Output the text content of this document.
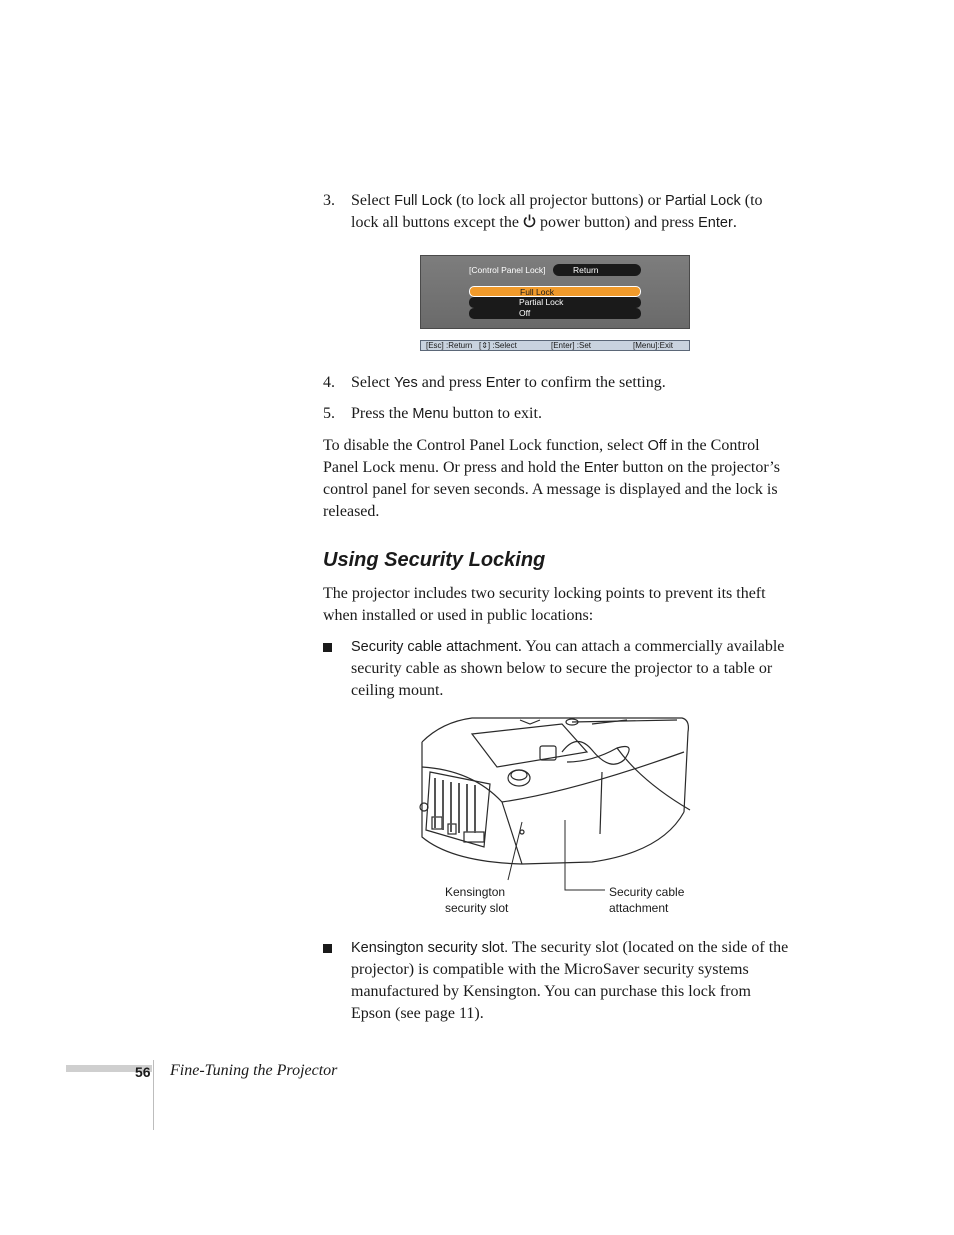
3. Select Full Lock (to lock all projector buttons) or Partial Lock (to lock all buttons except the  power button) and press Enter.
[Control Panel Lock]	Return
Full Lock
Partial Lock
Off
[Esc] :Return [⇕] :Select	[Enter] :Set	[Menu]:Exit
4. Select Yes and press Enter to confirm the setting.
5. Press the Menu button to exit.
To disable the Control Panel Lock function, select Off in the Control Panel Lock menu. Or press and hold the Enter button on the projector’s control panel for seven seconds. A message is displayed and the lock is released.
Using Security Locking
The projector includes two security locking points to prevent its theft when installed or used in public locations:
Security cable attachment. You can attach a commercially available security cable as shown below to secure the projector to a table or ceiling mount.
Kensington
security slot
Security cable
attachment
Kensington security slot. The security slot (located on the side of the projector) is compatible with the MicroSaver security systems manufactured by Kensington. You can purchase this lock from Epson (see page 11).
56 Fine-Tuning the Projector
